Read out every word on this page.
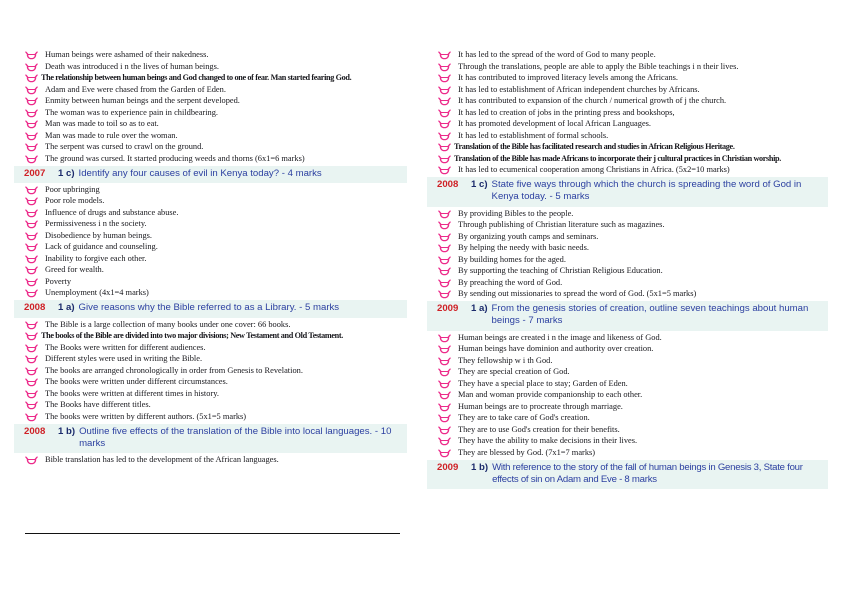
Human beings were ashamed of their nakedness.
Death was introduced i n the lives of human beings.
The relationship between human beings and God changed to one of fear. Man started fearing God.
Adam and Eve were chased from the Garden of Eden.
Enmity between human beings and the serpent developed.
The woman was to experience pain in childbearing.
Man was made to toil so as to eat.
Man was made to rule over the woman.
The serpent was cursed to crawl on the ground.
The ground was cursed. It started producing weeds and thorns (6x1=6 marks)
2007	1 c) Identify any four causes of evil in Kenya today? - 4 marks
Poor upbringing
Poor role models.
Influence of drugs and substance abuse.
Permissiveness i n the society.
Disobedience by human beings.
Lack of guidance and counseling.
Inability to forgive each other.
Greed for wealth.
Poverty
Unemployment (4x1=4 marks)
2008	1 a) Give reasons why the Bible referred to as a Library. - 5 marks
The Bible is a large collection of many books under one cover: 66 books.
The books of the Bible are divided into two major divisions; New Testament and Old Testament.
The Books were written for different audiences.
Different styles were used in writing the Bible.
The books are arranged chronologically in order from Genesis to Revelation.
The books were written under different circumstances.
The books were written at different times in history.
The Books have different titles.
The books were written by different authors. (5x1=5 marks)
2008	1 b) Outline five effects of the translation of the Bible into local languages. - 10 marks
Bible translation has led to the development of the African languages.
It has led to the spread of the word of God to many people.
Through the translations, people are able to apply the Bible teachings i n their lives.
It has contributed to improved literacy levels among the Africans.
It has led to establishment of African independent churches by Africans.
It has contributed to expansion of the church / numerical growth of j the church.
It has led to creation of jobs in the printing press and bookshops,
It has promoted development of local African Languages.
It has led to establishment of formal schools.
Translation of the Bible has facilitated research and studies in African Religious Heritage.
Translation of the Bible has made Africans to incorporate their j cultural practices in Christian worship.
It has led to ecumenical cooperation among Christians in Africa. (5x2=10 marks)
2008	1 c) State five ways through which the church is spreading the word of God in Kenya today. - 5 marks
By providing Bibles to the people.
Through publishing of Christian literature such as magazines.
By organizing youth camps and seminars.
By helping the needy with basic needs.
By building homes for the aged.
By supporting the teaching of Christian Religious Education.
By preaching the word of God.
By sending out missionaries to spread the word of God. (5x1=5 marks)
2009	1 a) From the genesis stories of creation, outline seven teachings about human beings - 7 marks
Human beings are created i n the image and likeness of God.
Human beings have dominion and authority over creation.
They fellowship w i th God.
They are special creation of God.
They have a special place to stay; Garden of Eden.
Man and woman provide companionship to each other.
Human beings are to procreate through marriage.
They are to take care of God's creation.
They are to use God's creation for their benefits.
They have the ability to make decisions in their lives.
They are blessed by God. (7x1=7 marks)
2009	1 b) With reference to the story of the fall of human beings in Genesis 3, State four effects of sin on Adam and Eve - 8 marks
